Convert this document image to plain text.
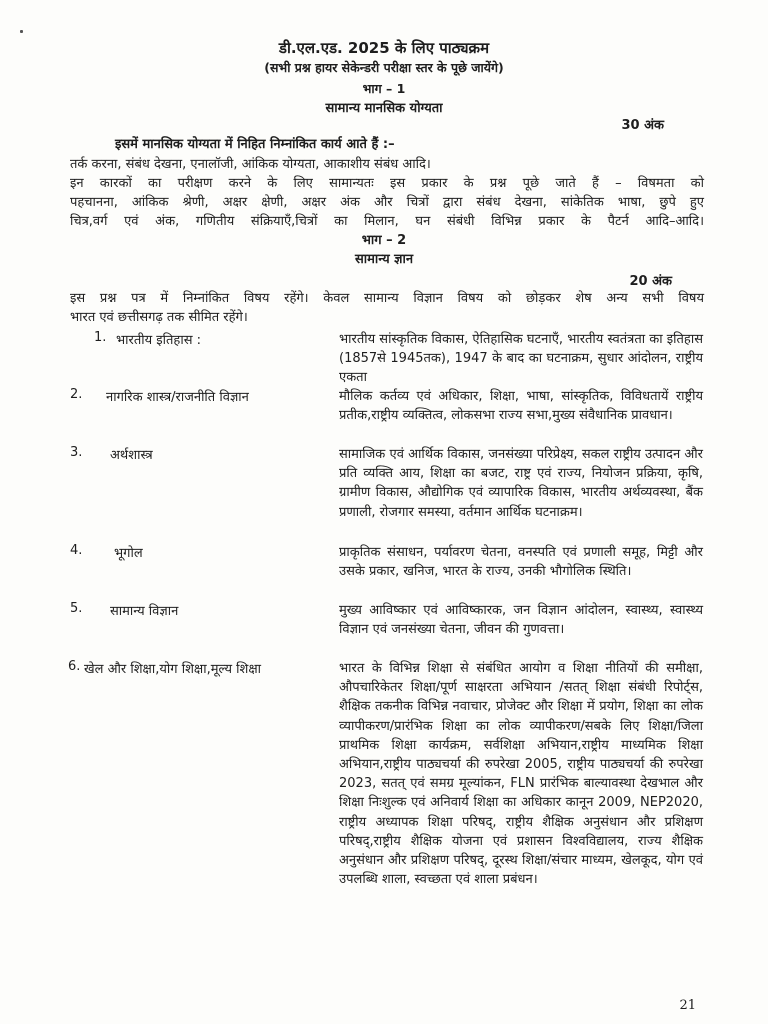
डी.एल.एड. 2025 के लिए पाठ्यक्रम
(सभी प्रश्न हायर सेकेन्डरी परीक्षा स्तर के पूछे जायेंगे)
भाग – 1
सामान्य मानसिक योग्यता
30 अंक
इसमें मानसिक योग्यता में निहित निम्नांकित कार्य आते हैं :–
तर्क करना, संबंध देखना, एनालॉजी, आंकिक योग्यता, आकाशीय संबंध आदि।
इन कारकों का परीक्षण करने के लिए सामान्यतः इस प्रकार के प्रश्न पूछे जाते हैं – विषमता को
पहचानना, आंकिक श्रेणी, अक्षर क्षेणी, अक्षर अंक और चित्रों द्वारा संबंध देखना, सांकेतिक भाषा, छुपे हुए
चित्र,वर्ग एवं अंक, गणितीय संक्रियाएँ,चित्रों का मिलान, घन संबंधी विभिन्न प्रकार के पैटर्न आदि–आदि।
भाग – 2
सामान्य ज्ञान
20 अंक
इस प्रश्न पत्र में निम्नांकित विषय रहेंगे। केवल सामान्य विज्ञान विषय को छोड़कर शेष अन्य सभी विषय
भारत एवं छत्तीसगढ़ तक सीमित रहेंगे।
1. भारतीय इतिहास :	भारतीय सांस्कृतिक विकास, ऐतिहासिक घटनाएँ, भारतीय स्वतंत्रता का इतिहास (1857से 1945तक), 1947 के बाद का घटनाक्रम, सुधार आंदोलन, राष्ट्रीय एकता
2. नागरिक शास्त्र/राजनीति विज्ञान	मौलिक कर्तव्य एवं अधिकार, शिक्षा, भाषा, सांस्कृतिक, विविधतायें राष्ट्रीय प्रतीक,राष्ट्रीय व्यक्तित्व, लोकसभा राज्य सभा,मुख्य संवैधानिक प्रावधान।
3. अर्थशास्त्र	सामाजिक एवं आर्थिक विकास, जनसंख्या परिप्रेक्ष्य, सकल राष्ट्रीय उत्पादन और प्रति व्यक्ति आय, शिक्षा का बजट, राष्ट्र एवं राज्य, नियोजन प्रक्रिया, कृषि, ग्रामीण विकास, औद्योगिक एवं व्यापारिक विकास, भारतीय अर्थव्यवस्था, बैंक प्रणाली, रोजगार समस्या, वर्तमान आर्थिक घटनाक्रम।
4. भूगोल	प्राकृतिक संसाधन, पर्यावरण चेतना, वनस्पति एवं प्रणाली समूह, मिट्टी और उसके प्रकार, खनिज, भारत के राज्य, उनकी भौगोलिक स्थिति।
5. सामान्य विज्ञान	मुख्य आविष्कार एवं आविष्कारक, जन विज्ञान आंदोलन, स्वास्थ्य, स्वास्थ्य विज्ञान एवं जनसंख्या चेतना, जीवन की गुणवत्ता।
6. खेल और शिक्षा,योग शिक्षा,मूल्य शिक्षा	भारत के विभिन्न शिक्षा से संबंधित आयोग व शिक्षा नीतियों की समीक्षा, औपचारिकेतर शिक्षा/पूर्ण साक्षरता अभियान /सतत् शिक्षा संबंधी रिपोर्ट्स, शैक्षिक तकनीक विभिन्न नवाचार, प्रोजेक्ट और शिक्षा में प्रयोग, शिक्षा का लोक व्यापीकरण/प्रारंभिक शिक्षा का लोक व्यापीकरण/सबके लिए शिक्षा/जिला प्राथमिक शिक्षा कार्यक्रम, सर्वशिक्षा अभियान,राष्ट्रीय माध्यमिक शिक्षा अभियान,राष्ट्रीय पाठ्यचर्या की रुपरेखा 2005, राष्ट्रीय पाठ्यचर्या की रुपरेखा 2023, सतत् एवं समग्र मूल्यांकन, FLN प्रारंभिक बाल्यावस्था देखभाल और शिक्षा निःशुल्क एवं अनिवार्य शिक्षा का अधिकार कानून 2009, NEP2020, राष्ट्रीय अध्यापक शिक्षा परिषद्, राष्ट्रीय शैक्षिक अनुसंधान और प्रशिक्षण परिषद्,राष्ट्रीय शैक्षिक योजना एवं प्रशासन विश्वविद्यालय, राज्य शैक्षिक अनुसंधान और प्रशिक्षण परिषद्, दूरस्थ शिक्षा/संचार माध्यम, खेलकूद, योग एवं उपलब्धि शाला, स्वच्छता एवं शाला प्रबंधन।
21
